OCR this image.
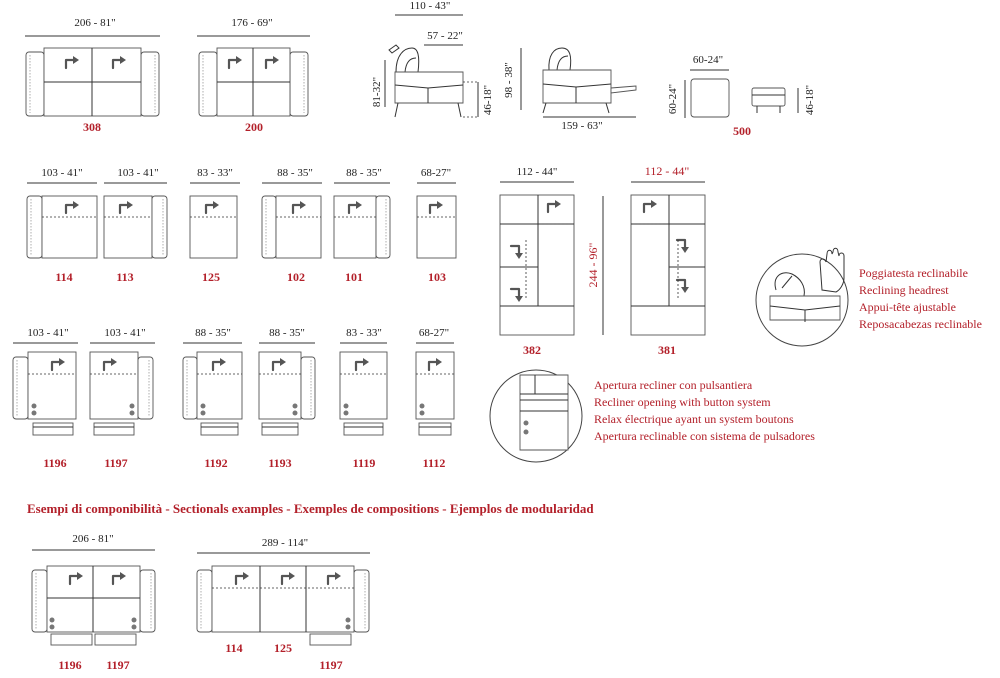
206 - 81"
308
176 - 69"
200
110 - 43"
57 - 22"
81-32"	46-18"
98 - 38"
159 - 63"
60-24"
60-24"	46-18"
500
103 - 41"
114
103 - 41"
113
83 - 33"
125
88 - 35"
102
88 - 35"
101
68-27"
103
112 - 44"
382
244 - 96"
112 - 44"
381
Poggiatesta reclinabile
Reclining headrest
Appui-tête ajustable
Reposacabezas reclinable
103 - 41"
1196
103 - 41"
1197
88 - 35"
1192
88 - 35"
1193
83 - 33"
1119
68-27"
1112
Apertura recliner con pulsantiera
Recliner opening with button system
Relax électrique ayant un system boutons
Apertura reclinable con sistema de pulsadores
Esempi di componibilità - Sectionals examples - Exemples de compositions - Ejemplos de modularidad
206 - 81"
1196 1197
289 - 114"
114	125
1197
